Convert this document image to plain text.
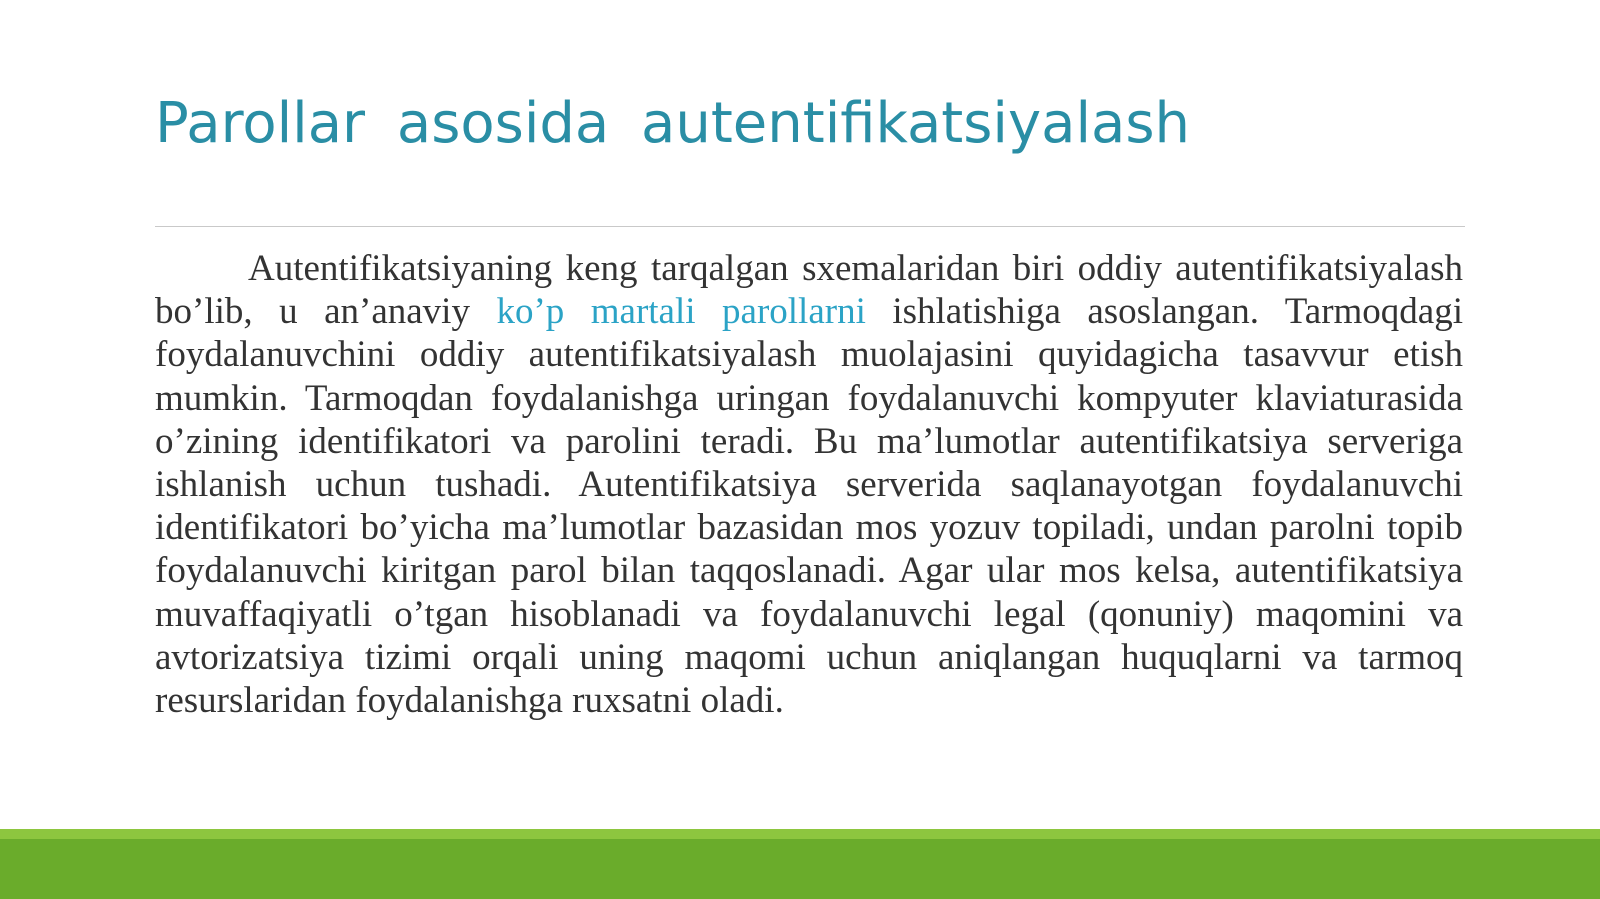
Parollar asosida autentifikatsiyalash

Autentifikatsiyaning keng tarqalgan sxemalaridan biri oddiy autentifikatsiyalash bo’lib, u an’anaviy ko’p martali parollarni ishlatishiga asoslangan. Tarmoqdagi foydalanuvchini oddiy autentifikatsiyalash muolajasini quyidagicha tasavvur etish mumkin. Tarmoqdan foydalanishga uringan foydalanuvchi kompyuter klaviaturasida o’zining identifikatori va parolini teradi. Bu ma’lumotlar autentifikatsiya serveriga ishlanish uchun tushadi. Autentifikatsiya serverida saqlanayotgan foydalanuvchi identifikatori bo’yicha ma’lumotlar bazasidan mos yozuv topiladi, undan parolni topib foydalanuvchi kiritgan parol bilan taqqoslanadi. Agar ular mos kelsa, autentifikatsiya muvaffaqiyatli o’tgan hisoblanadi va foydalanuvchi legal (qonuniy) maqomini va avtorizatsiya tizimi orqali uning maqomi uchun aniqlangan huquqlarni va tarmoq resurslaridan foydalanishga ruxsatni oladi.
